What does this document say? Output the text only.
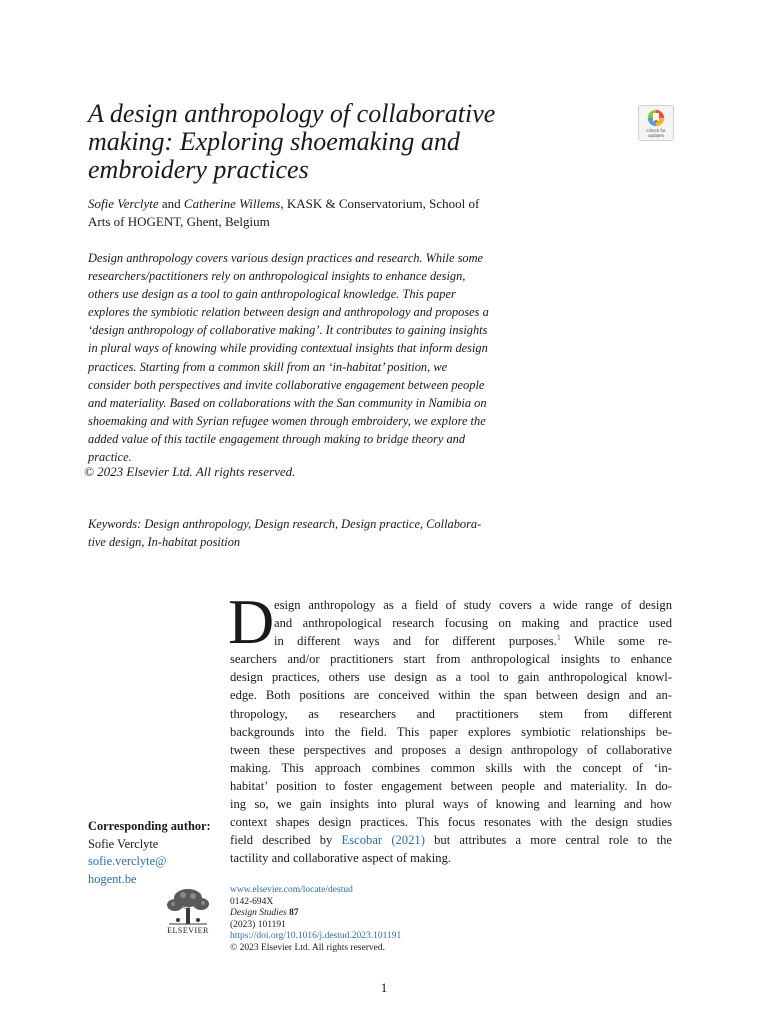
A design anthropology of collaborative
making: Exploring shoemaking and
embroidery practices
Check for updates
Sofie Verclyte and Catherine Willems, KASK & Conservatorium, School of
Arts of HOGENT, Ghent, Belgium
Design anthropology covers various design practices and research. While some
researchers/pactitioners rely on anthropological insights to enhance design,
others use design as a tool to gain anthropological knowledge. This paper
explores the symbiotic relation between design and anthropology and proposes a
‘design anthropology of collaborative making’. It contributes to gaining insights
in plural ways of knowing while providing contextual insights that inform design
practices. Starting from a common skill from an ‘in-habitat’ position, we
consider both perspectives and invite collaborative engagement between people
and materiality. Based on collaborations with the San community in Namibia on
shoemaking and with Syrian refugee women through embroidery, we explore the
added value of this tactile engagement through making to bridge theory and
practice.
© 2023 Elsevier Ltd. All rights reserved.
Keywords: Design anthropology, Design research, Design practice, Collabora-
tive design, In-habitat position
D esign anthropology as a field of study covers a wide range of design
and anthropological research focusing on making and practice used
in different ways and for different purposes.$^1$ While some re-
searchers and/or practitioners start from anthropological insights to enhance
design practices, others use design as a tool to gain anthropological knowl-
edge. Both positions are conceived within the span between design and an-
thropology, as researchers and practitioners stem from different
backgrounds into the field. This paper explores symbiotic relationships be-
tween these perspectives and proposes a design anthropology of collaborative
making. This approach combines common skills with the concept of ‘in-
habitat’ position to foster engagement between people and materiality. In do-
ing so, we gain insights into plural ways of knowing and learning and how
context shapes design practices. This focus resonates with the design studies
field described by Escobar (2021) but attributes a more central role to the
tactility and collaborative aspect of making.
Corresponding author:
Sofie Verclyte
sofie.verclyte@
hogent.be
ELSEVIER
www.elsevier.com/locate/destud
0142-694X
Design Studies 87
(2023) 101191
https://doi.org/10.1016/j.destud.2023.101191
© 2023 Elsevier Ltd. All rights reserved.
1
